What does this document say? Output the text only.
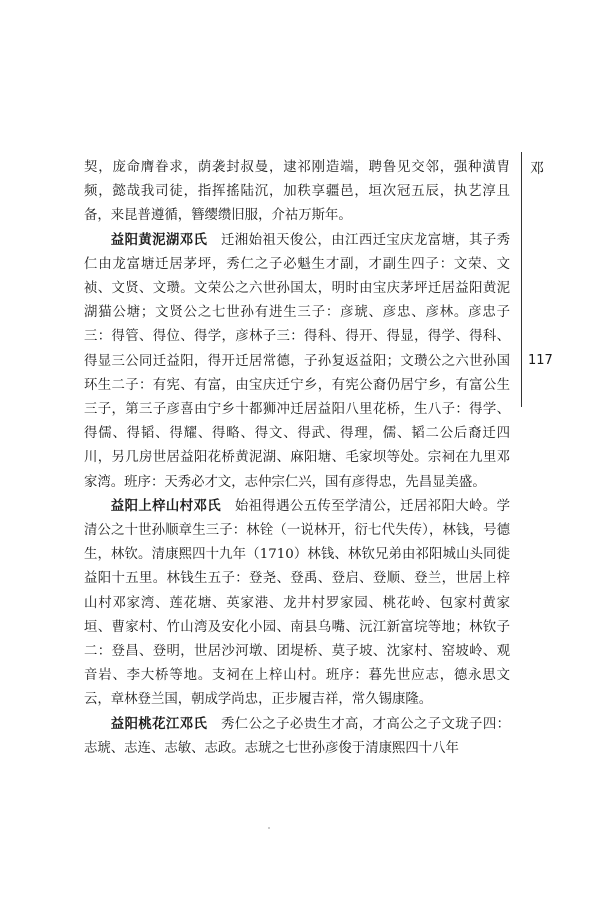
邓
117

契，庞命膺眷求，荫袭封叔曼，逮祁刚造端，聘鲁见交邻，强种潢胄频，懿哉我司徒，指挥搖陆沉，加秩享疆邑，垣次冠五辰，执艺淳且备，来昆普遵循，簪缨缵旧服，介祜万斯年。

益阳黄泥湖邓氏　 迁湘始祖天俊公，由江西迁宝庆龙富塘，其子秀仁由龙富塘迁居茅坪，秀仁之子必魁生才副，才副生四子：文荣、文祯、文贤、文瓒。文荣公之六世孙国太，明时由宝庆茅坪迁居益阳黄泥湖猫公塘；文贤公之七世孙有进生三子：彦琥、彦忠、彦林。彦忠子三：得管、得位、得学，彦林子三：得科、得开、得显，得学、得科、得显三公同迁益阳，得开迁居常德，子孙复返益阳；文瓒公之六世孙国环生二子：有宪、有富，由宝庆迁宁乡，有宪公裔仍居宁乡，有富公生三子，第三子彦喜由宁乡十都狮冲迁居益阳八里花桥，生八子：得学、得儒、得韬、得耀、得略、得文、得武、得理，儒、韬二公后裔迁四川，另几房世居益阳花桥黄泥湖、麻阳塘、毛家坝等处。宗祠在九里邓家湾。班序：天秀必才文，志仲宗仁兴，国有彦得忠，先昌显美盛。

益阳上梓山村邓氏　 始祖得遇公五传至学清公，迁居祁阳大岭。学清公之十世孙顺章生三子：林铨（一说林开，衍七代失传），林钱，号德生，林钦。清康熙四十九年（1710）林钱、林钦兄弟由祁阳城山头同徙益阳十五里。林钱生五子：登尧、登禹、登启、登顺、登兰，世居上梓山村邓家湾、莲花塘、英家港、龙井村罗家园、桃花岭、包家村黄家垣、曹家村、竹山湾及安化小园、南县乌嘴、沅江新富垸等地；林钦子二：登昌、登明，世居沙河墩、团堤桥、莫子坡、沈家村、窑坡岭、观音岩、李大桥等地。支祠在上梓山村。班序：暮先世应志，德永思文云，章林登兰国，朝成学尚忠，正步履吉祥，常久锡康隆。

益阳桃花江邓氏　 秀仁公之子必贵生才高，才高公之子文珑子四：志琥、志连、志敏、志政。志琥之七世孙彦俊于清康熙四十八年
